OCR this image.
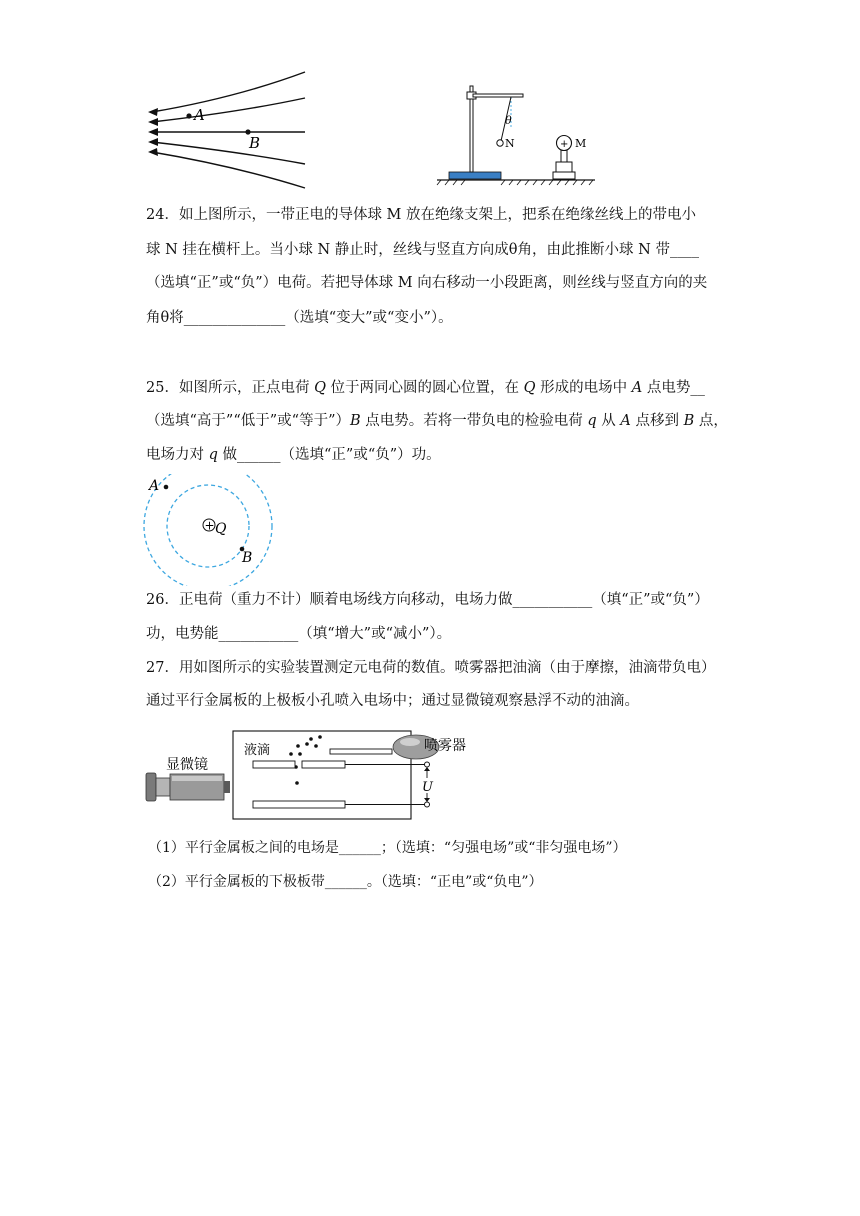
A
B
θ
N	+ M
24．如上图所示，一带正电的导体球 M 放在绝缘支架上，把系在绝缘丝线上的带电小
球 N 挂在横杆上。当小球 N 静止时，丝线与竖直方向成θ角，由此推断小球 N 带____
（选填“正”或“负”）电荷。若把导体球 M 向右移动一小段距离，则丝线与竖直方向的夹
角θ将______________（选填“变大”或“变小”）。
25．如图所示，正点电荷 Q 位于两同心圆的圆心位置，在 Q 形成的电场中 A 点电势__
（选填“高于”“低于”或“等于”）B 点电势。若将一带负电的检验电荷 q 从 A 点移到 B 点，
电场力对 q 做______（选填“正”或“负”）功。
A
+ Q
B
26．正电荷（重力不计）顺着电场线方向移动，电场力做___________（填“正”或“负”）
功，电势能___________（填“增大”或“减小”）。
27．用如图所示的实验装置测定元电荷的数值。喷雾器把油滴（由于摩擦，油滴带负电）
通过平行金属板的上极板小孔喷入电场中；通过显微镜观察悬浮不动的油滴。
显微镜
液滴	喷雾器
U
（1）平行金属板之间的电场是______；（选填：“匀强电场”或“非匀强电场”）
（2）平行金属板的下极板带______。（选填：“正电”或“负电”）
